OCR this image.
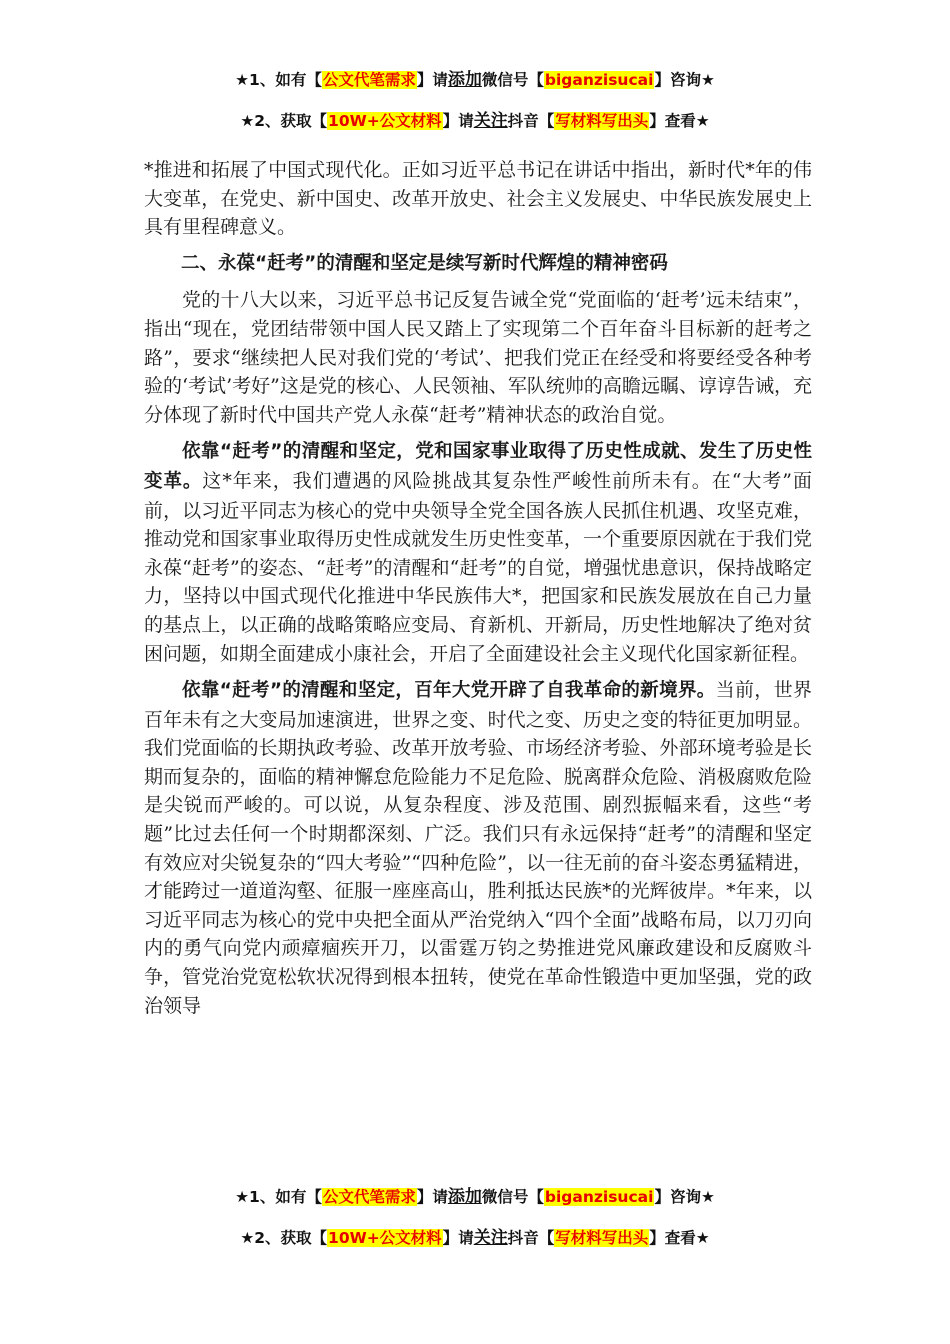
★1、如有【公文代笔需求】请添加微信号【biganzisucai】咨询★
★2、获取【10W+公文材料】请关注抖音【写材料写出头】查看★

*推进和拓展了中国式现代化。正如习近平总书记在讲话中指出，新时代*年的伟大变革，在党史、新中国史、改革开放史、社会主义发展史、中华民族发展史上具有里程碑意义。

二、永葆“赶考”的清醒和坚定是续写新时代辉煌的精神密码

党的十八大以来，习近平总书记反复告诫全党“党面临的‘赶考’远未结束”，指出“现在，党团结带领中国人民又踏上了实现第二个百年奋斗目标新的赶考之路”，要求“继续把人民对我们党的‘考试’、把我们党正在经受和将要经受各种考验的‘考试’考好”这是党的核心、人民领袖、军队统帅的高瞻远瞩、谆谆告诫，充分体现了新时代中国共产党人永葆“赶考”精神状态的政治自觉。

依靠“赶考”的清醒和坚定，党和国家事业取得了历史性成就、发生了历史性变革。这*年来，我们遭遇的风险挑战其复杂性严峻性前所未有。在“大考”面前，以习近平同志为核心的党中央领导全党全国各族人民抓住机遇、攻坚克难，推动党和国家事业取得历史性成就发生历史性变革，一个重要原因就在于我们党永葆“赶考”的姿态、“赶考”的清醒和“赶考”的自觉，增强忧患意识，保持战略定力，坚持以中国式现代化推进中华民族伟大*，把国家和民族发展放在自己力量的基点上，以正确的战略策略应变局、育新机、开新局，历史性地解决了绝对贫困问题，如期全面建成小康社会，开启了全面建设社会主义现代化国家新征程。

依靠“赶考”的清醒和坚定，百年大党开辟了自我革命的新境界。当前，世界百年未有之大变局加速演进，世界之变、时代之变、历史之变的特征更加明显。我们党面临的长期执政考验、改革开放考验、市场经济考验、外部环境考验是长期而复杂的，面临的精神懈怠危险能力不足危险、脱离群众危险、消极腐败危险是尖锐而严峻的。可以说，从复杂程度、涉及范围、剧烈振幅来看，这些“考题”比过去任何一个时期都深刻、广泛。我们只有永远保持“赶考”的清醒和坚定有效应对尖锐复杂的“四大考验”“四种危险”，以一往无前的奋斗姿态勇猛精进，才能跨过一道道沟壑、征服一座座高山，胜利抵达民族*的光辉彼岸。*年来，以习近平同志为核心的党中央把全面从严治党纳入“四个全面”战略布局，以刀刃向内的勇气向党内顽瘴痼疾开刀，以雷霆万钧之势推进党风廉政建设和反腐败斗争，管党治党宽松软状况得到根本扭转，使党在革命性锻造中更加坚强，党的政治领导

★1、如有【公文代笔需求】请添加微信号【biganzisucai】咨询★
★2、获取【10W+公文材料】请关注抖音【写材料写出头】查看★
